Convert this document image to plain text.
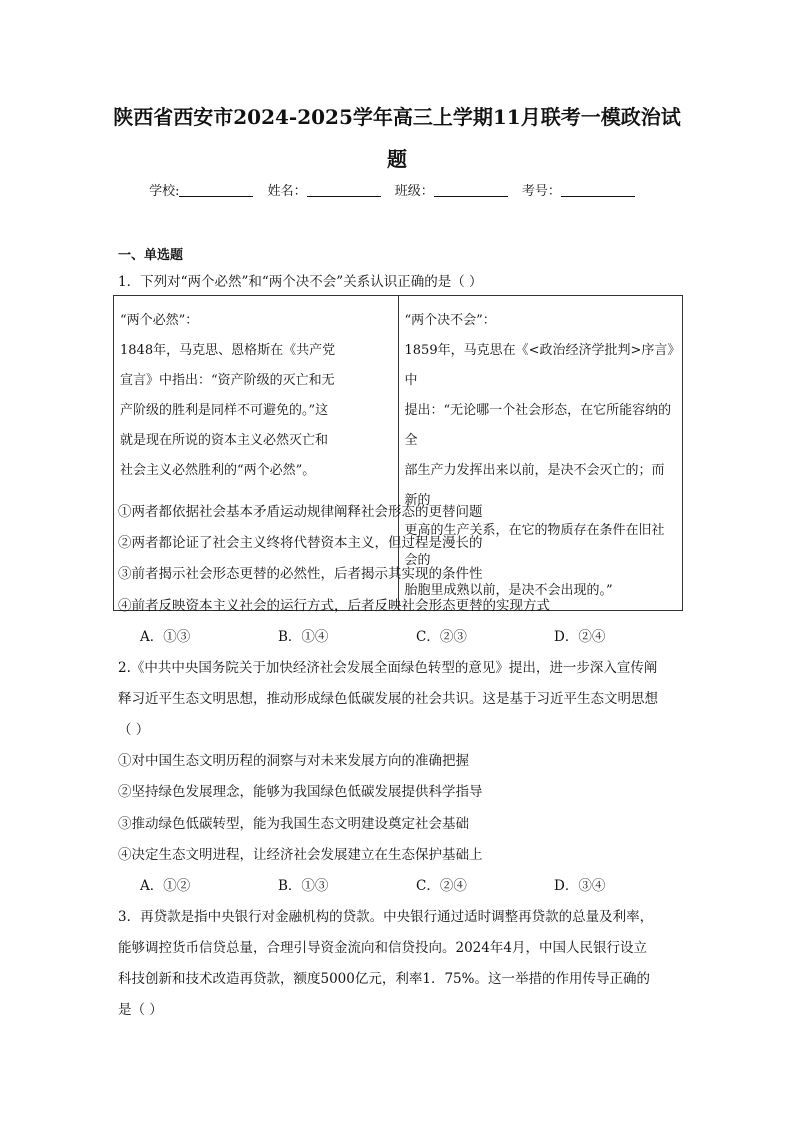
陕西省西安市2024-2025学年高三上学期11月联考一模政治试
题
学校:	姓名：	班级：	考号：
一、单选题
1．下列对“两个必然”和“两个决不会”关系认识正确的是（ ）
“两个必然”：
1848年，马克思、恩格斯在《共产党
宣言》中指出：“资产阶级的灭亡和无
产阶级的胜利是同样不可避免的。”这
就是现在所说的资本主义必然灭亡和
社会主义必然胜利的“两个必然”。

“两个决不会”：
1859年，马克思在《<政治经济学批判>序言》中
提出：“无论哪一个社会形态，在它所能容纳的全
部生产力发挥出来以前，是决不会灭亡的；而新的
更高的生产关系，在它的物质存在条件在旧社会的
胎胞里成熟以前，是决不会出现的。”
①两者都依据社会基本矛盾运动规律阐释社会形态的更替问题
②两者都论证了社会主义终将代替资本主义，但过程是漫长的
③前者揭示社会形态更替的必然性，后者揭示其实现的条件性
④前者反映资本主义社会的运行方式，后者反映社会形态更替的实现方式
A．①③	B．①④	C．②③	D．②④
2.《中共中央国务院关于加快经济社会发展全面绿色转型的意见》提出，进一步深入宣传阐
释习近平生态文明思想，推动形成绿色低碳发展的社会共识。这是基于习近平生态文明思想
（ ）
①对中国生态文明历程的洞察与对未来发展方向的准确把握
②坚持绿色发展理念，能够为我国绿色低碳发展提供科学指导
③推动绿色低碳转型，能为我国生态文明建设奠定社会基础
④决定生态文明进程，让经济社会发展建立在生态保护基础上
A．①②	B．①③	C．②④	D．③④
3．再贷款是指中央银行对金融机构的贷款。中央银行通过适时调整再贷款的总量及利率，
能够调控货币信贷总量，合理引导资金流向和信贷投向。2024年4月，中国人民银行设立
科技创新和技术改造再贷款，额度5000亿元，利率1．75%。这一举措的作用传导正确的
是（ ）
